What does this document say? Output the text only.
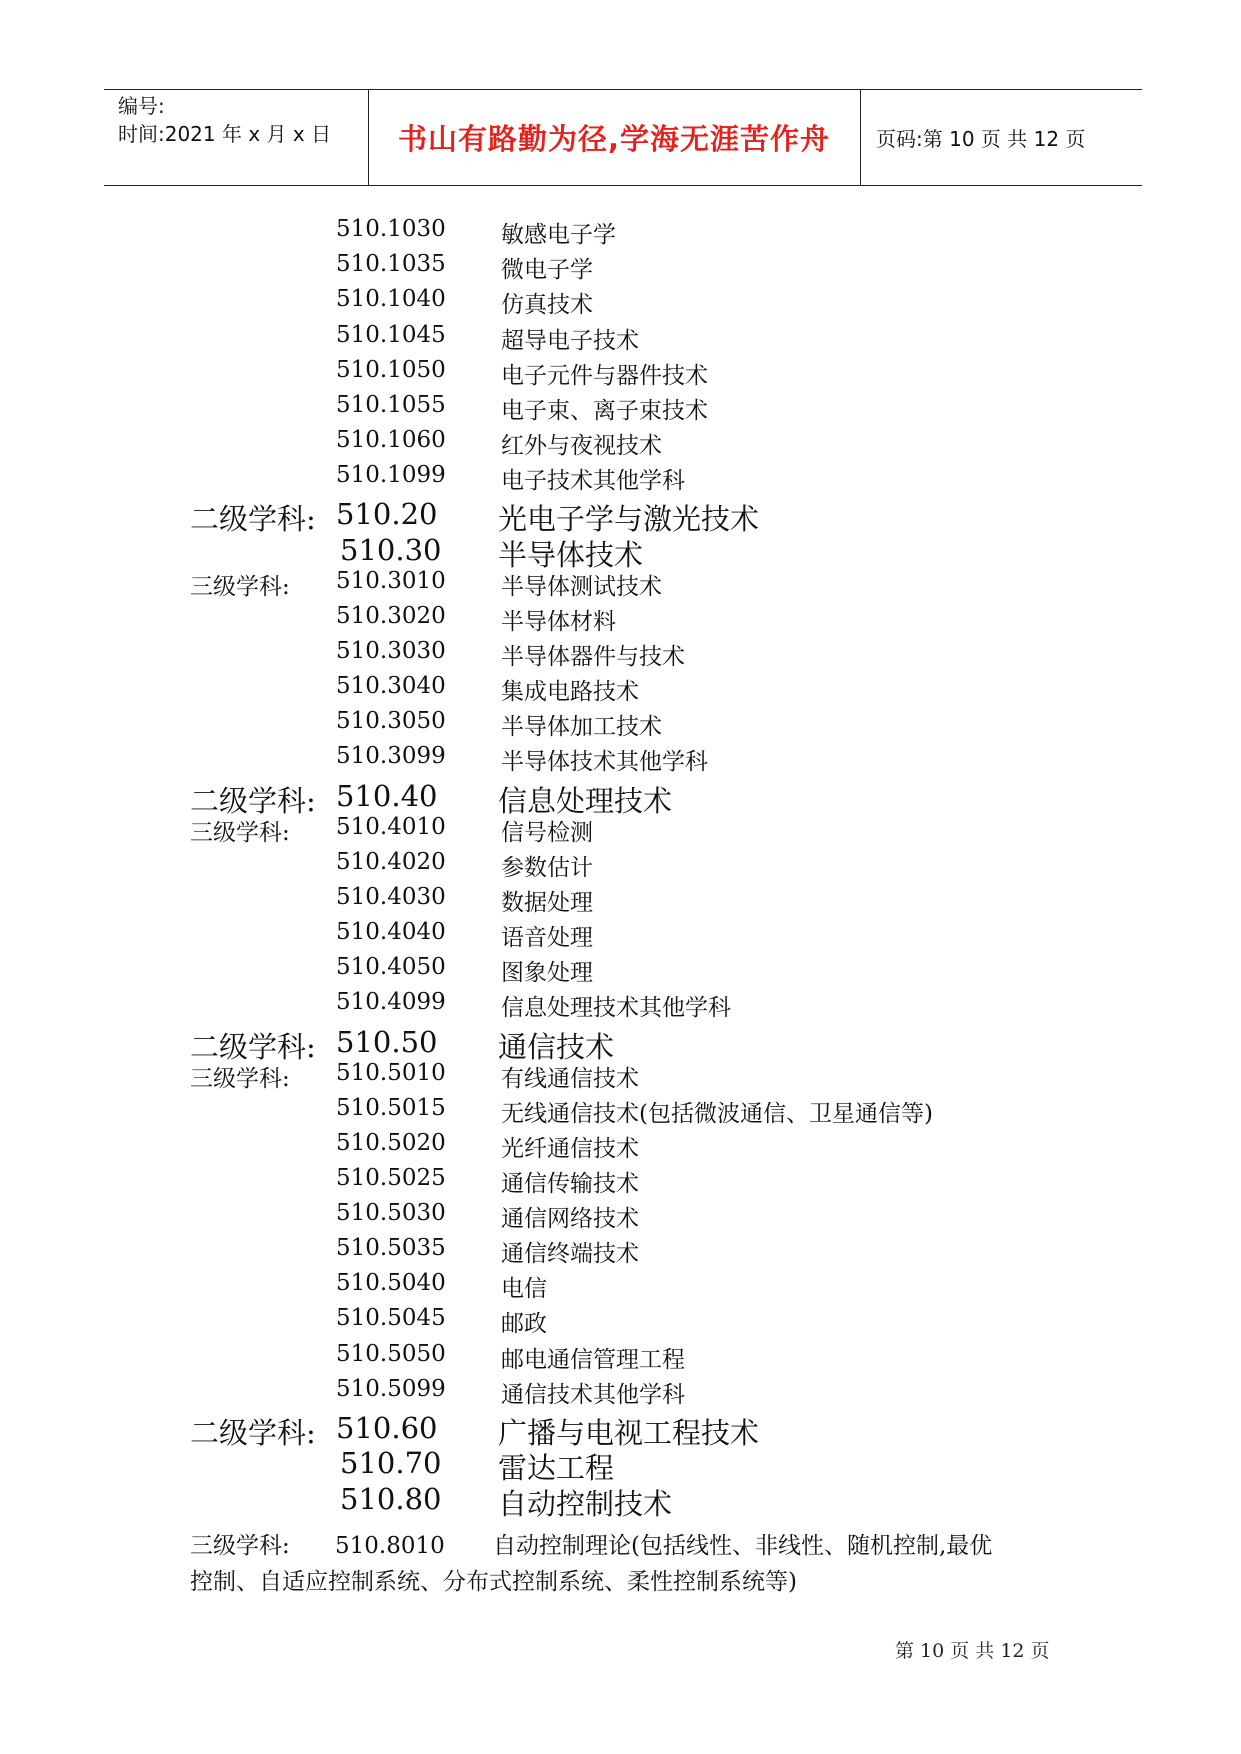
编号:
时间:2021 年 x 月 x 日	书山有路勤为径,学海无涯苦作舟	页码:第 10 页 共 12 页
510.1030 敏感电子学
510.1035 微电子学
510.1040 仿真技术
510.1045 超导电子技术
510.1050 电子元件与器件技术
510.1055 电子束、离子束技术
510.1060 红外与夜视技术
510.1099 电子技术其他学科
二级学科: 510.20 光电子学与激光技术
510.30 半导体技术
三级学科: 510.3010 半导体测试技术
510.3020 半导体材料
510.3030 半导体器件与技术
510.3040 集成电路技术
510.3050 半导体加工技术
510.3099 半导体技术其他学科
二级学科: 510.40 信息处理技术
三级学科: 510.4010 信号检测
510.4020 参数估计
510.4030 数据处理
510.4040 语音处理
510.4050 图象处理
510.4099 信息处理技术其他学科
二级学科: 510.50 通信技术
三级学科: 510.5010 有线通信技术
510.5015 无线通信技术(包括微波通信、卫星通信等)
510.5020 光纤通信技术
510.5025 通信传输技术
510.5030 通信网络技术
510.5035 通信终端技术
510.5040 电信
510.5045 邮政
510.5050 邮电通信管理工程
510.5099 通信技术其他学科
二级学科: 510.60 广播与电视工程技术
510.70 雷达工程
510.80 自动控制技术
三级学科: 510.8010 自动控制理论(包括线性、非线性、随机控制,最优
控制、自适应控制系统、分布式控制系统、柔性控制系统等)
第 10 页 共 12 页
